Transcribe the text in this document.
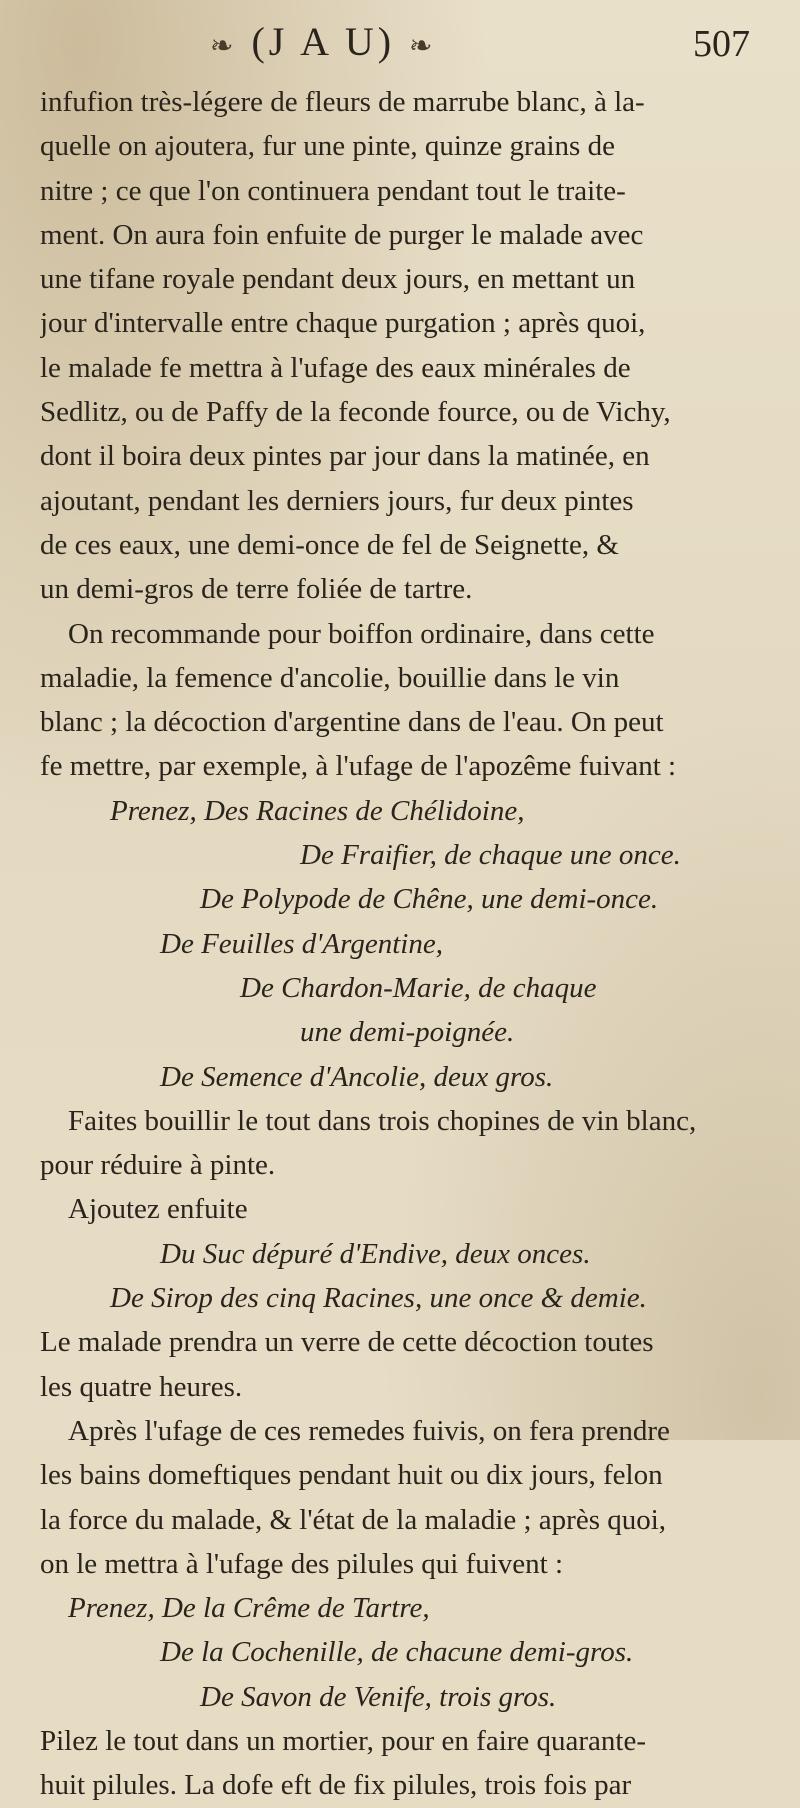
❧ (J A U) ❧	507
infufion très-légere de fleurs de marrube blanc, à la-
quelle on ajoutera, fur une pinte, quinze grains de
nitre ; ce que l'on continuera pendant tout le traite-
ment. On aura foin enfuite de purger le malade avec
une tifane royale pendant deux jours, en mettant un
jour d'intervalle entre chaque purgation ; après quoi,
le malade fe mettra à l'ufage des eaux minérales de
Sedlitz, ou de Paffy de la feconde fource, ou de Vichy,
dont il boira deux pintes par jour dans la matinée, en
ajoutant, pendant les derniers jours, fur deux pintes
de ces eaux, une demi-once de fel de Seignette, &
un demi-gros de terre foliée de tartre.
On recommande pour boiffon ordinaire, dans cette
maladie, la femence d'ancolie, bouillie dans le vin
blanc ; la décoction d'argentine dans de l'eau. On peut
fe mettre, par exemple, à l'ufage de l'apozême fuivant :
Prenez, Des Racines de Chélidoine,
De Fraifier, de chaque une once.
De Polypode de Chêne, une demi-once.
De Feuilles d'Argentine,
De Chardon-Marie, de chaque
une demi-poignée.
De Semence d'Ancolie, deux gros.
Faites bouillir le tout dans trois chopines de vin blanc,
pour réduire à pinte.
Ajoutez enfuite
Du Suc dépuré d'Endive, deux onces.
De Sirop des cinq Racines, une once & demie.
Le malade prendra un verre de cette décoction toutes
les quatre heures.
Après l'ufage de ces remedes fuivis, on fera prendre
les bains domeftiques pendant huit ou dix jours, felon
la force du malade, & l'état de la maladie ; après quoi,
on le mettra à l'ufage des pilules qui fuivent :
Prenez, De la Crême de Tartre,
De la Cochenille, de chacune demi-gros.
De Savon de Venife, trois gros.
Pilez le tout dans un mortier, pour en faire quarante-
huit pilules. La dofe eft de fix pilules, trois fois par
